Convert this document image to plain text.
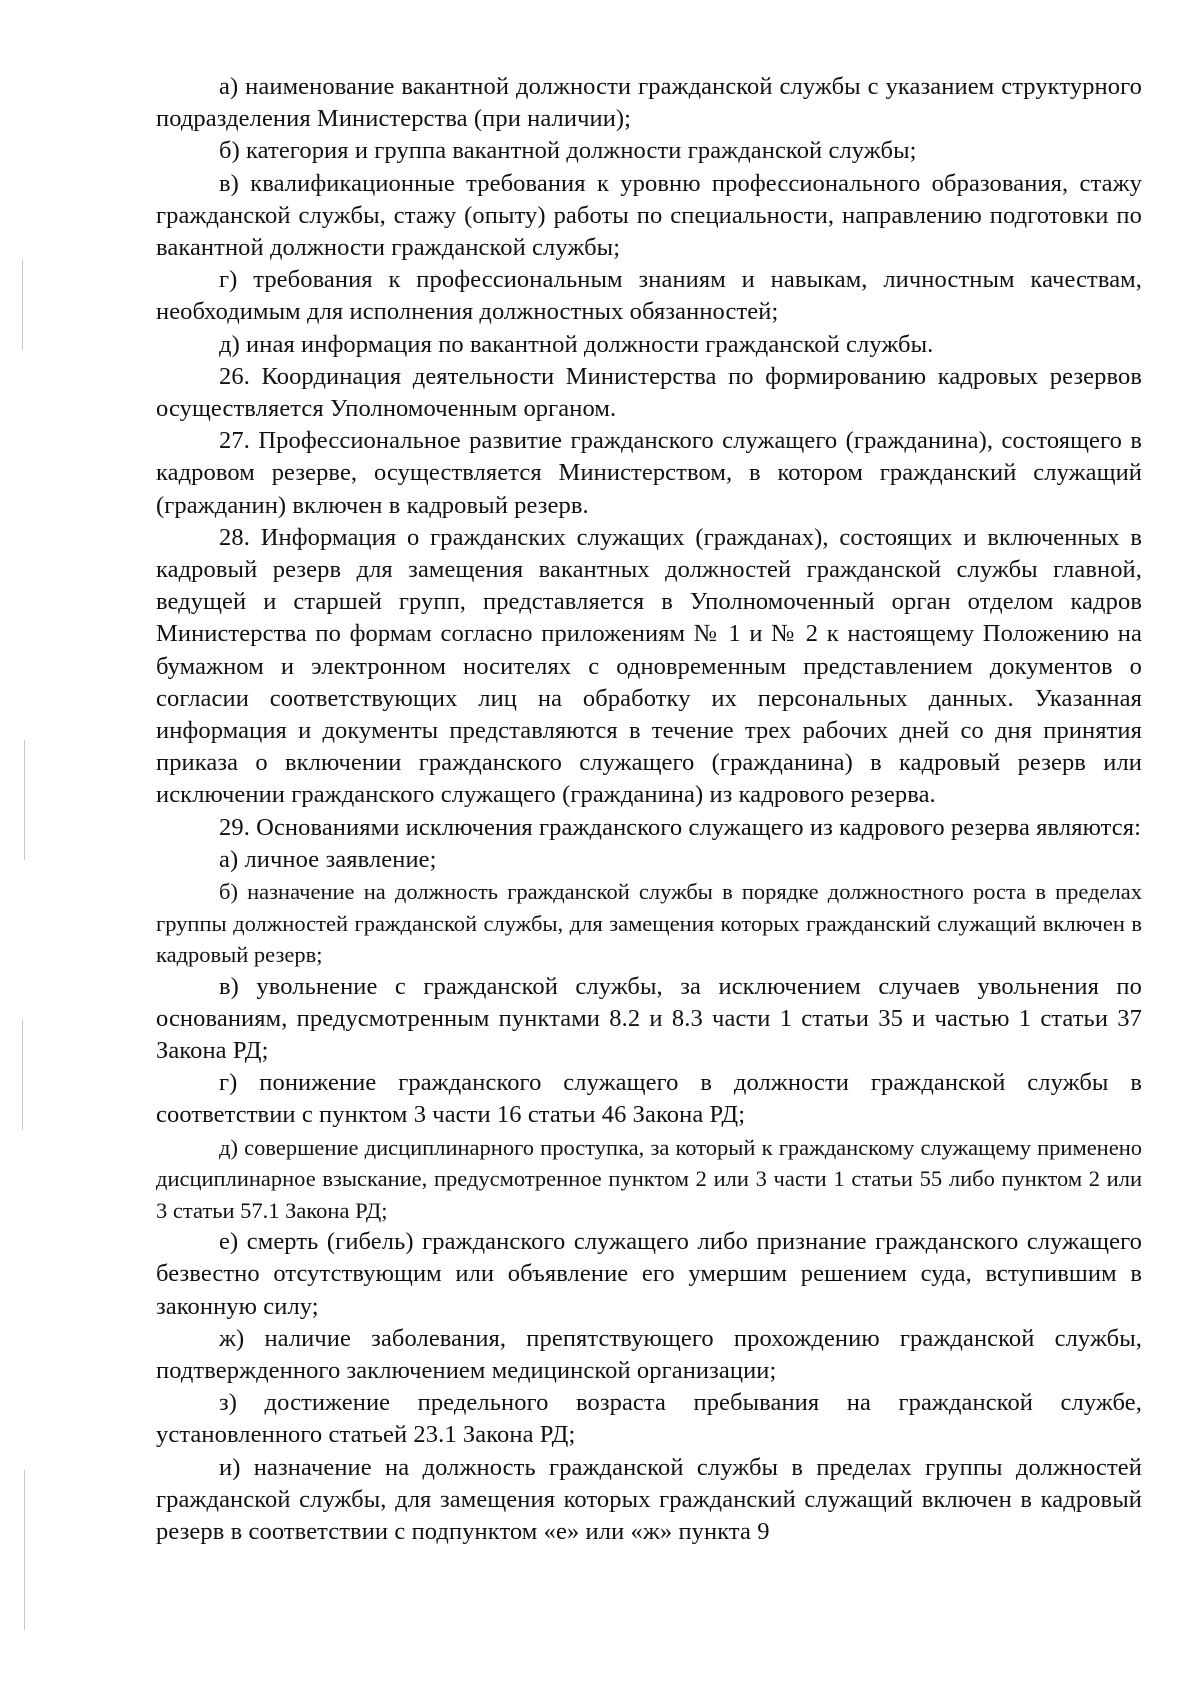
а) наименование вакантной должности гражданской службы с указанием структурного подразделения Министерства (при наличии);

б) категория и группа вакантной должности гражданской службы;

в) квалификационные требования к уровню профессионального образования, стажу гражданской службы, стажу (опыту) работы по специальности, направлению подготовки по вакантной должности гражданской службы;

г) требования к профессиональным знаниям и навыкам, личностным качествам, необходимым для исполнения должностных обязанностей;

д) иная информация по вакантной должности гражданской службы.

26. Координация деятельности Министерства по формированию кадровых резервов осуществляется Уполномоченным органом.

27. Профессиональное развитие гражданского служащего (гражданина), состоящего в кадровом резерве, осуществляется Министерством, в котором гражданский служащий (гражданин) включен в кадровый резерв.

28. Информация о гражданских служащих (гражданах), состоящих и включенных в кадровый резерв для замещения вакантных должностей гражданской службы главной, ведущей и старшей групп, представляется в Уполномоченный орган отделом кадров Министерства по формам согласно приложениям № 1 и № 2 к настоящему Положению на бумажном и электронном носителях с одновременным представлением документов о согласии соответствующих лиц на обработку их персональных данных. Указанная информация и документы представляются в течение трех рабочих дней со дня принятия приказа о включении гражданского служащего (гражданина) в кадровый резерв или исключении гражданского служащего (гражданина) из кадрового резерва.

29. Основаниями исключения гражданского служащего из кадрового резерва являются:

а) личное заявление;

б) назначение на должность гражданской службы в порядке должностного роста в пределах группы должностей гражданской службы, для замещения которых гражданский служащий включен в кадровый резерв;

в) увольнение с гражданской службы, за исключением случаев увольнения по основаниям, предусмотренным пунктами 8.2 и 8.3 части 1 статьи 35 и частью 1 статьи 37 Закона РД;

г) понижение гражданского служащего в должности гражданской службы в соответствии с пунктом 3 части 16 статьи 46 Закона РД;

д) совершение дисциплинарного проступка, за который к гражданскому служащему применено дисциплинарное взыскание, предусмотренное пунктом 2 или 3 части 1 статьи 55 либо пунктом 2 или 3 статьи 57.1 Закона РД;

е) смерть (гибель) гражданского служащего либо признание гражданского служащего безвестно отсутствующим или объявление его умершим решением суда, вступившим в законную силу;

ж) наличие заболевания, препятствующего прохождению гражданской службы, подтвержденного заключением медицинской организации;

з) достижение предельного возраста пребывания на гражданской службе, установленного статьей 23.1 Закона РД;

и) назначение на должность гражданской службы в пределах группы должностей гражданской службы, для замещения которых гражданский служащий включен в кадровый резерв в соответствии с подпунктом «е» или «ж» пункта 9
